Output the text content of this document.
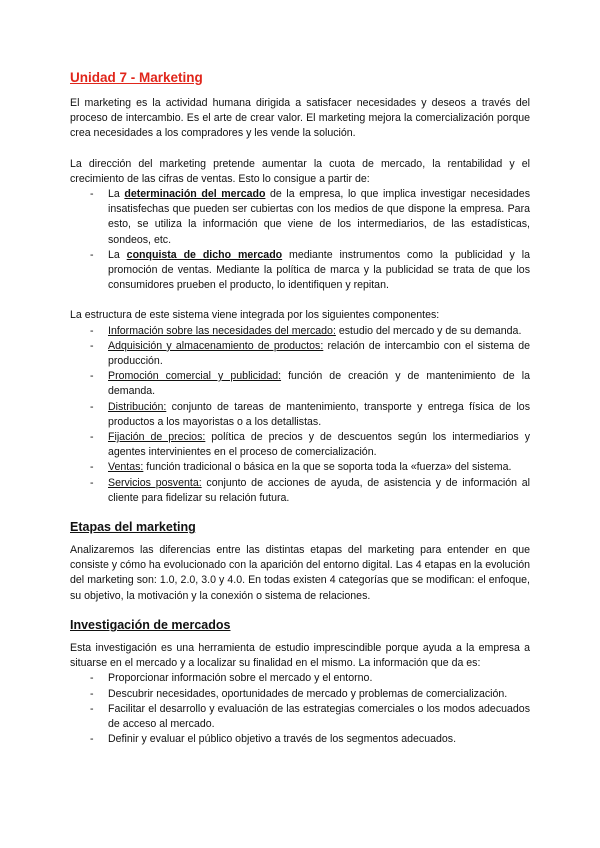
Unidad 7 - Marketing

El marketing es la actividad humana dirigida a satisfacer necesidades y deseos a través del proceso de intercambio. Es el arte de crear valor. El marketing mejora la comercialización porque crea necesidades a los compradores y les vende la solución.

La dirección del marketing pretende aumentar la cuota de mercado, la rentabilidad y el crecimiento de las cifras de ventas. Esto lo consigue a partir de:

- La determinación del mercado de la empresa, lo que implica investigar necesidades insatisfechas que pueden ser cubiertas con los medios de que dispone la empresa. Para esto, se utiliza la información que viene de los intermediarios, de las estadísticas, sondeos, etc.
- La conquista de dicho mercado mediante instrumentos como la publicidad y la promoción de ventas. Mediante la política de marca y la publicidad se trata de que los consumidores prueben el producto, lo identifiquen y repitan.

La estructura de este sistema viene integrada por los siguientes componentes:

- Información sobre las necesidades del mercado: estudio del mercado y de su demanda.
- Adquisición y almacenamiento de productos: relación de intercambio con el sistema de producción.
- Promoción comercial y publicidad: función de creación y de mantenimiento de la demanda.
- Distribución: conjunto de tareas de mantenimiento, transporte y entrega física de los productos a los mayoristas o a los detallistas.
- Fijación de precios: política de precios y de descuentos según los intermediarios y agentes intervinientes en el proceso de comercialización.
- Ventas: función tradicional o básica en la que se soporta toda la «fuerza» del sistema.
- Servicios posventa: conjunto de acciones de ayuda, de asistencia y de información al cliente para fidelizar su relación futura.
Etapas del marketing

Analizaremos las diferencias entre las distintas etapas del marketing para entender en que consiste y cómo ha evolucionado con la aparición del entorno digital. Las 4 etapas en la evolución del marketing son: 1.0, 2.0, 3.0 y 4.0. En todas existen 4 categorías que se modifican: el enfoque, su objetivo, la motivación y la conexión o sistema de relaciones.

Investigación de mercados

Esta investigación es una herramienta de estudio imprescindible porque ayuda a la empresa a situarse en el mercado y a localizar su finalidad en el mismo. La información que da es:

- Proporcionar información sobre el mercado y el entorno.
- Descubrir necesidades, oportunidades de mercado y problemas de comercialización.
- Facilitar el desarrollo y evaluación de las estrategias comerciales o los modos adecuados de acceso al mercado.
- Definir y evaluar el público objetivo a través de los segmentos adecuados.
